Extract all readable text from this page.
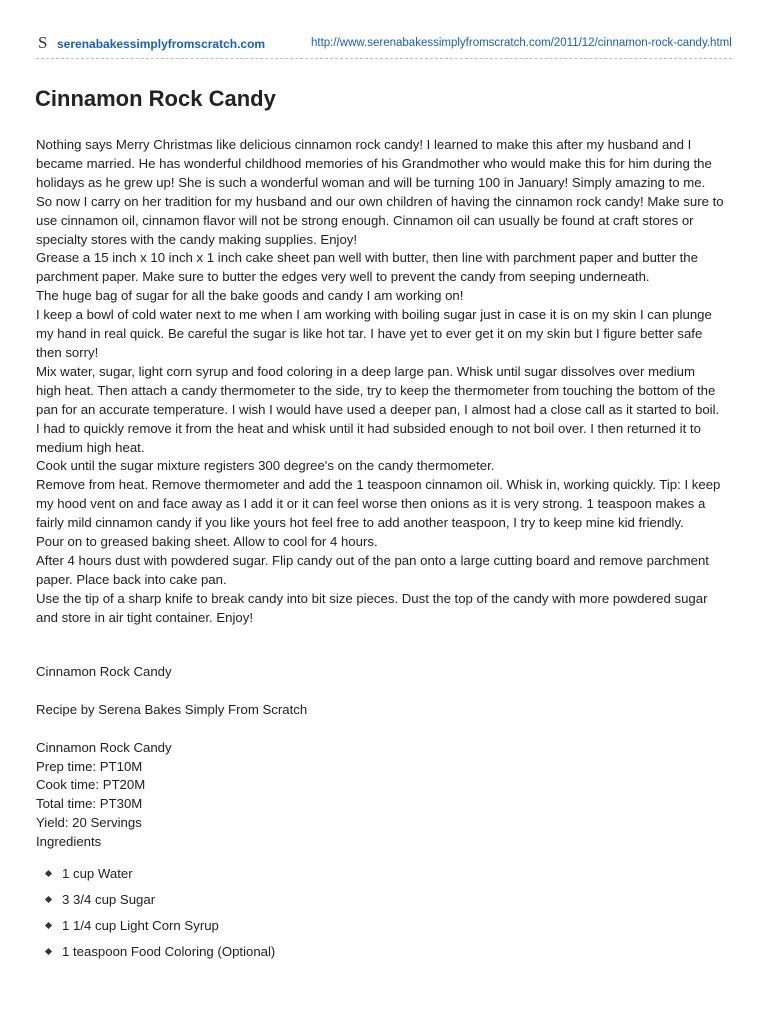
S serenabakessimplyfromscratch.com	http://www.serenabakessimplyfromscratch.com/2011/12/cinnamon-rock-candy.html
Cinnamon Rock Candy

Nothing says Merry Christmas like delicious cinnamon rock candy! I learned to make this after my husband and I

became married. He has wonderful childhood memories of his Grandmother who would make this for him during the

holidays as he grew up! She is such a wonderful woman and will be turning 100 in January! Simply amazing to me.

So now I carry on her tradition for my husband and our own children of having the cinnamon rock candy! Make sure to

use cinnamon oil, cinnamon flavor will not be strong enough. Cinnamon oil can usually be found at craft stores or

specialty stores with the candy making supplies. Enjoy!

Grease a 15 inch x 10 inch x 1 inch cake sheet pan well with butter, then line with parchment paper and butter the

parchment paper. Make sure to butter the edges very well to prevent the candy from seeping underneath.

The huge bag of sugar for all the bake goods and candy I am working on!

I keep a bowl of cold water next to me when I am working with boiling sugar just in case it is on my skin I can plunge

my hand in real quick. Be careful the sugar is like hot tar. I have yet to ever get it on my skin but I figure better safe

then sorry!

Mix water, sugar, light corn syrup and food coloring in a deep large pan. Whisk until sugar dissolves over medium

high heat. Then attach a candy thermometer to the side, try to keep the thermometer from touching the bottom of the

pan for an accurate temperature. I wish I would have used a deeper pan, I almost had a close call as it started to boil.

I had to quickly remove it from the heat and whisk until it had subsided enough to not boil over. I then returned it to

medium high heat.

Cook until the sugar mixture registers 300 degree's on the candy thermometer.

Remove from heat. Remove thermometer and add the 1 teaspoon cinnamon oil. Whisk in, working quickly. Tip: I keep

my hood vent on and face away as I add it or it can feel worse then onions as it is very strong. 1 teaspoon makes a

fairly mild cinnamon candy if you like yours hot feel free to add another teaspoon, I try to keep mine kid friendly.

Pour on to greased baking sheet. Allow to cool for 4 hours.

After 4 hours dust with powdered sugar. Flip candy out of the pan onto a large cutting board and remove parchment

paper. Place back into cake pan.

Use the tip of a sharp knife to break candy into bit size pieces. Dust the top of the candy with more powdered sugar

and store in air tight container. Enjoy!

Cinnamon Rock Candy
Recipe by Serena Bakes Simply From Scratch
Cinnamon Rock Candy
Prep time: PT10M
Cook time: PT20M
Total time: PT30M
Yield: 20 Servings
Ingredients
1 cup Water
3 3/4 cup Sugar
1 1/4 cup Light Corn Syrup
1 teaspoon Food Coloring (Optional)
